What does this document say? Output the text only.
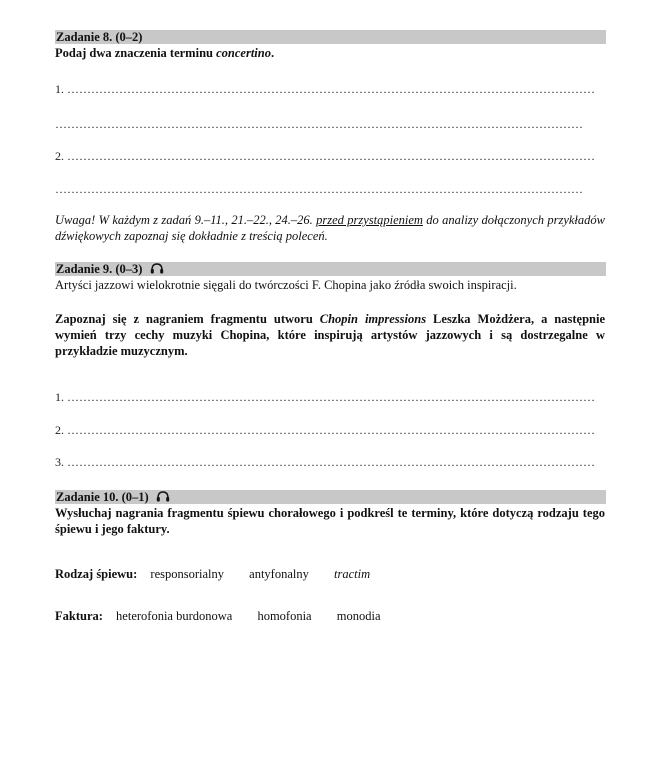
Zadanie 8. (0–2)
Podaj dwa znaczenia terminu concertino.
1. ……………………………………………………………………………………………………………………
……………………………………………………………………………………………………………………
2. ……………………………………………………………………………………………………………………
……………………………………………………………………………………………………………………
Uwaga! W każdym z zadań 9.–11., 21.–22., 24.–26. przed przystąpieniem do analizy dołączonych przykładów dźwiękowych zapoznaj się dokładnie z treścią poleceń.
Zadanie 9. (0–3)
Artyści jazzowi wielokrotnie sięgali do twórczości F. Chopina jako źródła swoich inspiracji.
Zapoznaj się z nagraniem fragmentu utworu Chopin impressions Leszka Możdżera, a następnie wymień trzy cechy muzyki Chopina, które inspirują artystów jazzowych i są dostrzegalne w przykładzie muzycznym.
1. ……………………………………………………………………………………………………………………
2. ……………………………………………………………………………………………………………………
3. ……………………………………………………………………………………………………………………
Zadanie 10. (0–1)
Wysłuchaj nagrania fragmentu śpiewu chorałowego i podkreśl te terminy, które dotyczą rodzaju tego śpiewu i jego faktury.
Rodzaj śpiewu: responsorialny antyfonalny tractim
Faktura: heterofonia burdonowa homofonia monodia
